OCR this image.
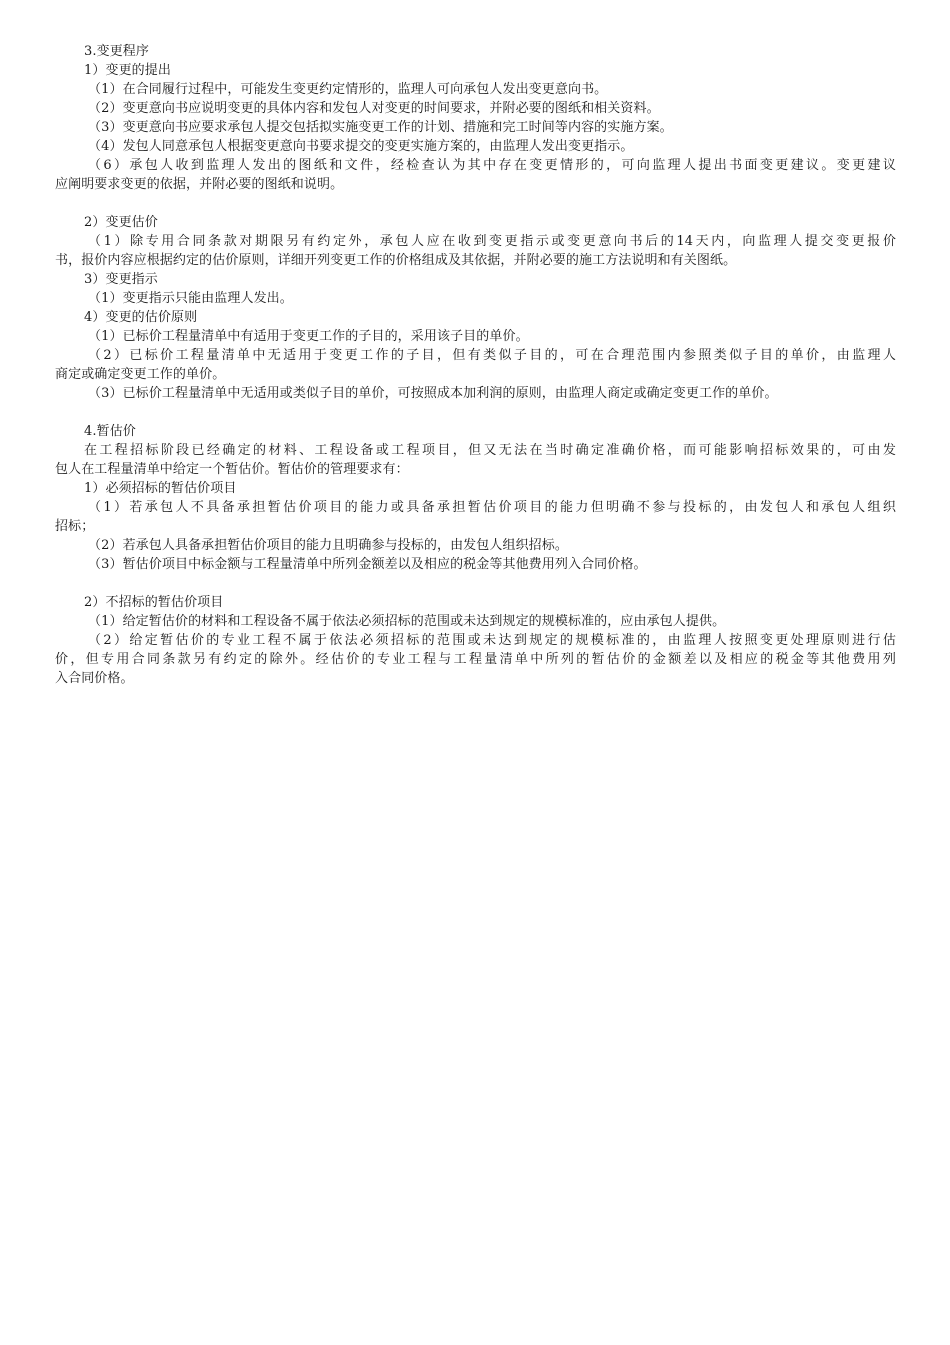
3.变更程序
1）变更的提出
（1）在合同履行过程中，可能发生变更约定情形的，监理人可向承包人发出变更意向书。
（2）变更意向书应说明变更的具体内容和发包人对变更的时间要求，并附必要的图纸和相关资料。
（3）变更意向书应要求承包人提交包括拟实施变更工作的计划、措施和完工时间等内容的实施方案。
（4）发包人同意承包人根据变更意向书要求提交的变更实施方案的，由监理人发出变更指示。
（6）承包人收到监理人发出的图纸和文件，经检查认为其中存在变更情形的，可向监理人提出书面变更建议。变更建议
应阐明要求变更的依据，并附必要的图纸和说明。
2）变更估价
（1）除专用合同条款对期限另有约定外，承包人应在收到变更指示或变更意向书后的14天内，向监理人提交变更报价
书，报价内容应根据约定的估价原则，详细开列变更工作的价格组成及其依据，并附必要的施工方法说明和有关图纸。
3）变更指示
（1）变更指示只能由监理人发出。
4）变更的估价原则
（1）已标价工程量清单中有适用于变更工作的子目的，采用该子目的单价。
（2）已标价工程量清单中无适用于变更工作的子目，但有类似子目的，可在合理范围内参照类似子目的单价，由监理人
商定或确定变更工作的单价。
（3）已标价工程量清单中无适用或类似子目的单价，可按照成本加利润的原则，由监理人商定或确定变更工作的单价。
4.暂估价
在工程招标阶段已经确定的材料、工程设备或工程项目，但又无法在当时确定准确价格，而可能影响招标效果的，可由发
包人在工程量清单中给定一个暂估价。暂估价的管理要求有：
1）必须招标的暂估价项目
（1）若承包人不具备承担暂估价项目的能力或具备承担暂估价项目的能力但明确不参与投标的，由发包人和承包人组织
招标；
（2）若承包人具备承担暂估价项目的能力且明确参与投标的，由发包人组织招标。
（3）暂估价项目中标金额与工程量清单中所列金额差以及相应的税金等其他费用列入合同价格。
2）不招标的暂估价项目
（1）给定暂估价的材料和工程设备不属于依法必须招标的范围或未达到规定的规模标准的，应由承包人提供。
（2）给定暂估价的专业工程不属于依法必须招标的范围或未达到规定的规模标准的，由监理人按照变更处理原则进行估
价，但专用合同条款另有约定的除外。经估价的专业工程与工程量清单中所列的暂估价的金额差以及相应的税金等其他费用列
入合同价格。
